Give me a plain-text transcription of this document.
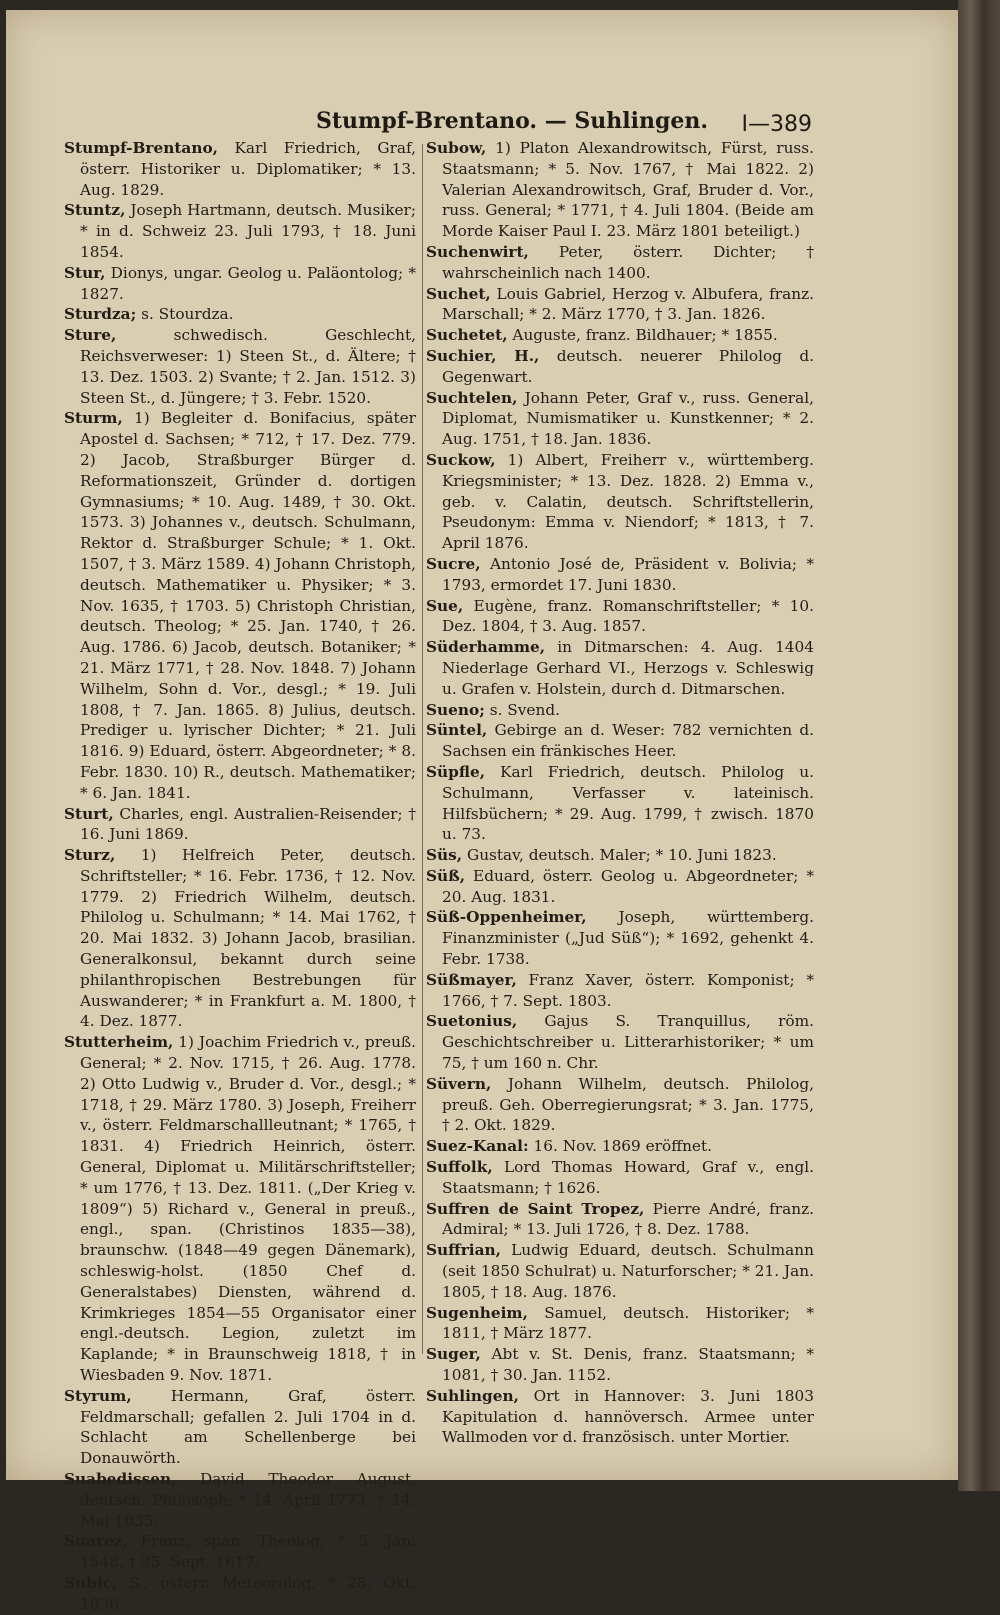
Stumpf-Brentano. — Suhlingen. I—389

Stumpf-Brentano, Karl Friedrich, Graf, österr. Historiker u. Diplomatiker; * 13. Aug. 1829.

Stuntz, Joseph Hartmann, deutsch. Musiker; * in d. Schweiz 23. Juli 1793, † 18. Juni 1854.

Stur, Dionys, ungar. Geolog u. Paläontolog; * 1827.

Sturdza; s. Stourdza.

Sture, schwedisch. Geschlecht, Reichsverweser: 1) Steen St., d. Ältere; † 13. Dez. 1503. 2) Svante; † 2. Jan. 1512. 3) Steen St., d. Jüngere; † 3. Febr. 1520.

Sturm, 1) Begleiter d. Bonifacius, später Apostel d. Sachsen; * 712, † 17. Dez. 779. 2) Jacob, Straßburger Bürger d. Reformationszeit, Gründer d. dortigen Gymnasiums; * 10. Aug. 1489, † 30. Okt. 1573. 3) Johannes v., deutsch. Schulmann, Rektor d. Straßburger Schule; * 1. Okt. 1507, † 3. März 1589. 4) Johann Christoph, deutsch. Mathematiker u. Physiker; * 3. Nov. 1635, † 1703. 5) Christoph Christian, deutsch. Theolog; * 25. Jan. 1740, † 26. Aug. 1786. 6) Jacob, deutsch. Botaniker; * 21. März 1771, † 28. Nov. 1848. 7) Johann Wilhelm, Sohn d. Vor., desgl.; * 19. Juli 1808, † 7. Jan. 1865. 8) Julius, deutsch. Prediger u. lyrischer Dichter; * 21. Juli 1816. 9) Eduard, österr. Abgeordneter; * 8. Febr. 1830. 10) R., deutsch. Mathematiker; * 6. Jan. 1841.

Sturt, Charles, engl. Australien-Reisender; † 16. Juni 1869.

Sturz, 1) Helfreich Peter, deutsch. Schriftsteller; * 16. Febr. 1736, † 12. Nov. 1779. 2) Friedrich Wilhelm, deutsch. Philolog u. Schulmann; * 14. Mai 1762, † 20. Mai 1832. 3) Johann Jacob, brasilian. Generalkonsul, bekannt durch seine philanthropischen Bestrebungen für Auswanderer; * in Frankfurt a. M. 1800, † 4. Dez. 1877.

Stutterheim, 1) Joachim Friedrich v., preuß. General; * 2. Nov. 1715, † 26. Aug. 1778. 2) Otto Ludwig v., Bruder d. Vor., desgl.; * 1718, † 29. März 1780. 3) Joseph, Freiherr v., österr. Feldmarschallleutnant; * 1765, † 1831. 4) Friedrich Heinrich, österr. General, Diplomat u. Militärschriftsteller; * um 1776, † 13. Dez. 1811. („Der Krieg v. 1809“) 5) Richard v., General in preuß., engl., span. (Christinos 1835—38), braunschw. (1848—49 gegen Dänemark), schleswig-holst. (1850 Chef d. Generalstabes) Diensten, während d. Krimkrieges 1854—55 Organisator einer engl.-deutsch. Legion, zuletzt im Kaplande; * in Braunschweig 1818, † in Wiesbaden 9. Nov. 1871.

Styrum, Hermann, Graf, österr. Feldmarschall; gefallen 2. Juli 1704 in d. Schlacht am Schellenberge bei Donauwörth.

Suabedissen, David Theodor August, deutsch. Philosoph; * 14. April 1773, † 14. Mai 1835.

Suarez, Franz, span. Theolog; * 5. Jan. 1548, † 25. Sept. 1617.

Subic, S., österr. Meteorolog; * 28. Okt. 1836.

Subow, 1) Platon Alexandrowitsch, Fürst, russ. Staatsmann; * 5. Nov. 1767, † Mai 1822. 2) Valerian Alexandrowitsch, Graf, Bruder d. Vor., russ. General; * 1771, † 4. Juli 1804. (Beide am Morde Kaiser Paul I. 23. März 1801 beteiligt.)

Suchenwirt, Peter, österr. Dichter; † wahrscheinlich nach 1400.

Suchet, Louis Gabriel, Herzog v. Albufera, franz. Marschall; * 2. März 1770, † 3. Jan. 1826.

Suchetet, Auguste, franz. Bildhauer; * 1855.

Suchier, H., deutsch. neuerer Philolog d. Gegenwart.

Suchtelen, Johann Peter, Graf v., russ. General, Diplomat, Numismatiker u. Kunstkenner; * 2. Aug. 1751, † 18. Jan. 1836.

Suckow, 1) Albert, Freiherr v., württemberg. Kriegsminister; * 13. Dez. 1828. 2) Emma v., geb. v. Calatin, deutsch. Schriftstellerin, Pseudonym: Emma v. Niendorf; * 1813, † 7. April 1876.

Sucre, Antonio José de, Präsident v. Bolivia; * 1793, ermordet 17. Juni 1830.

Sue, Eugène, franz. Romanschriftsteller; * 10. Dez. 1804, † 3. Aug. 1857.

Süderhamme, in Ditmarschen: 4. Aug. 1404 Niederlage Gerhard VI., Herzogs v. Schleswig u. Grafen v. Holstein, durch d. Ditmarschen.

Sueno; s. Svend.

Süntel, Gebirge an d. Weser: 782 vernichten d. Sachsen ein fränkisches Heer.

Süpfle, Karl Friedrich, deutsch. Philolog u. Schulmann, Verfasser v. lateinisch. Hilfsbüchern; * 29. Aug. 1799, † zwisch. 1870 u. 73.

Süs, Gustav, deutsch. Maler; * 10. Juni 1823.

Süß, Eduard, österr. Geolog u. Abgeordneter; * 20. Aug. 1831.

Süß-Oppenheimer, Joseph, württemberg. Finanzminister („Jud Süß“); * 1692, gehenkt 4. Febr. 1738.

Süßmayer, Franz Xaver, österr. Komponist; * 1766, † 7. Sept. 1803.

Suetonius, Gajus S. Tranquillus, röm. Geschichtschreiber u. Litterarhistoriker; * um 75, † um 160 n. Chr.

Süvern, Johann Wilhelm, deutsch. Philolog, preuß. Geh. Oberregierungsrat; * 3. Jan. 1775, † 2. Okt. 1829.

Suez-Kanal: 16. Nov. 1869 eröffnet.

Suffolk, Lord Thomas Howard, Graf v., engl. Staatsmann; † 1626.

Suffren de Saint Tropez, Pierre André, franz. Admiral; * 13. Juli 1726, † 8. Dez. 1788.

Suffrian, Ludwig Eduard, deutsch. Schulmann (seit 1850 Schulrat) u. Naturforscher; * 21. Jan. 1805, † 18. Aug. 1876.

Sugenheim, Samuel, deutsch. Historiker; * 1811, † März 1877.

Suger, Abt v. St. Denis, franz. Staatsmann; * 1081, † 30. Jan. 1152.

Suhlingen, Ort in Hannover: 3. Juni 1803 Kapitulation d. hannöversch. Armee unter Wallmoden vor d. französisch. unter Mortier.
